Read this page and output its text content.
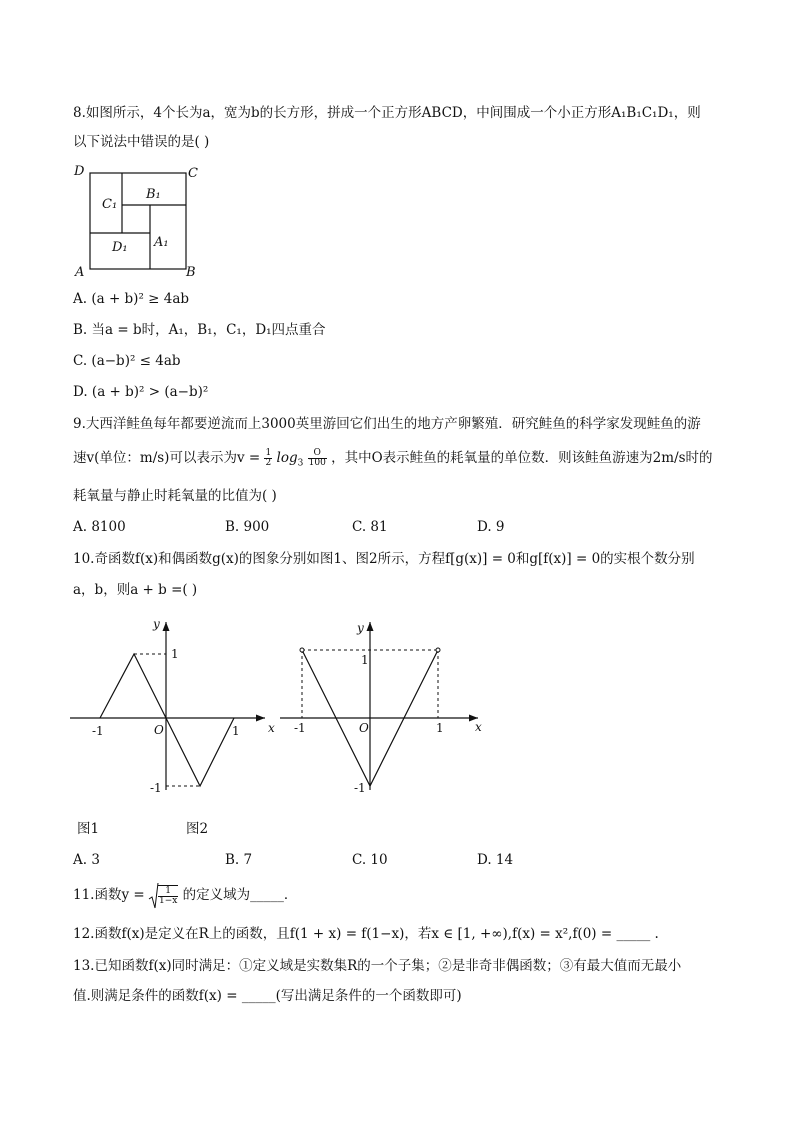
8.如图所示，4个长为a，宽为b的长方形，拼成一个正方形ABCD，中间围成一个小正方形A₁B₁C₁D₁，则
以下说法中错误的是( )
D	C
A	B
C₁
B₁
D₁ A₁
A. (a + b)² ≥ 4ab
B. 当a = b时，A₁，B₁，C₁，D₁四点重合
C. (a−b)² ≤ 4ab
D. (a + b)² > (a−b)²
9.大西洋鲑鱼每年都要逆流而上3000英里游回它们出生的地方产卵繁殖．研究鲑鱼的科学家发现鲑鱼的游
速v(单位：m/s)可以表示为$v = \frac{1}{2} \log_3 \frac{O}{100}$ ，其中O表示鲑鱼的耗氧量的单位数．则该鲑鱼游速为2m/s时的
耗氧量与静止时耗氧量的比值为( )
A. 8100	B. 900	C. 81	D. 9
10.奇函数f(x)和偶函数g(x)的图象分别如图1、图2所示，方程f[g(x)] = 0和g[f(x)] = 0的实根个数分别
a，b，则a + b =( )
y
x
O
-1	1
1
-1
y
x
O
-1	1
1
-1
图1	图2
A. 3	B. 7	C. 10	D. 14
11.函数$y = \frac{1}{1-x}$ 的定义域为_____．
12.函数f(x)是定义在R上的函数，且f(1 + x) = f(1−x)，若x ∈ [1, +∞),f(x) = x²,f(0) = _____ .
13.已知函数f(x)同时满足：①定义域是实数集R的一个子集；②是非奇非偶函数；③有最大值而无最小
值.则满足条件的函数f(x) = _____(写出满足条件的一个函数即可)
